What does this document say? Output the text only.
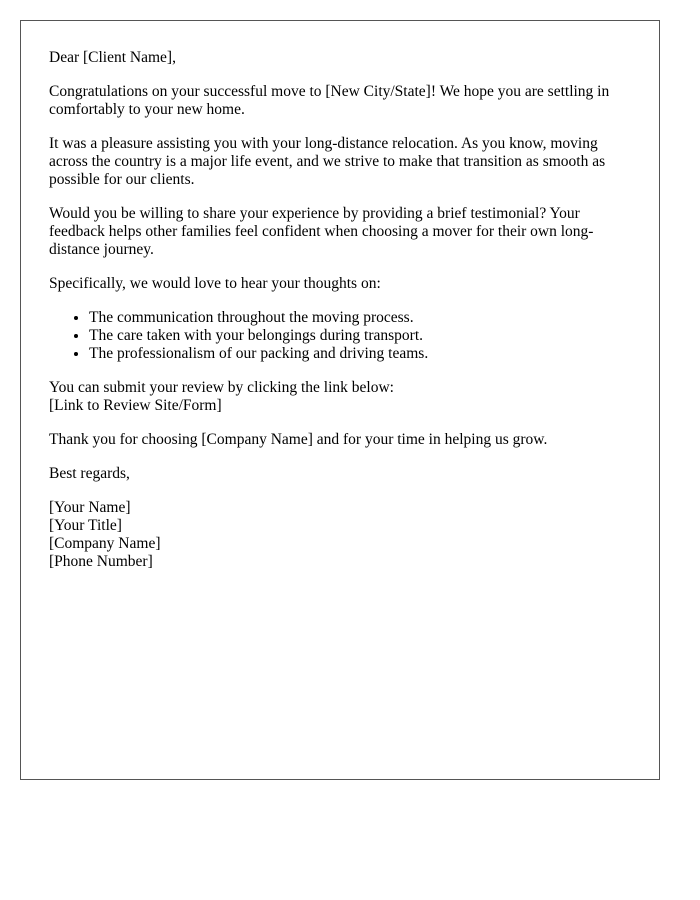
Dear [Client Name],

Congratulations on your successful move to [New City/State]! We hope you are settling in comfortably to your new home.

It was a pleasure assisting you with your long-distance relocation. As you know, moving across the country is a major life event, and we strive to make that transition as smooth as possible for our clients.

Would you be willing to share your experience by providing a brief testimonial? Your feedback helps other families feel confident when choosing a mover for their own long-distance journey.

Specifically, we would love to hear your thoughts on:

• The communication throughout the moving process.
• The care taken with your belongings during transport.
• The professionalism of our packing and driving teams.

You can submit your review by clicking the link below:
[Link to Review Site/Form]

Thank you for choosing [Company Name] and for your time in helping us grow.

Best regards,

[Your Name]

[Your Title]

[Company Name]

[Phone Number]
